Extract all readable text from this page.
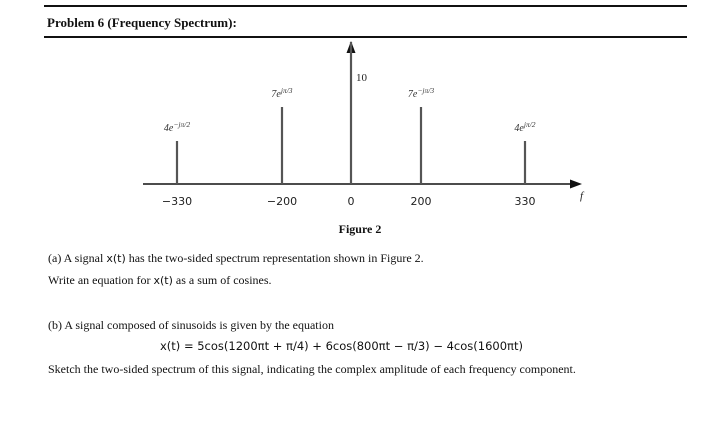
Problem 6 (Frequency Spectrum):
f
−330
$4e^{-j\pi/2}$
−200
$7e^{j\pi/3}$
0
10
200
$7e^{-j\pi/3}$
330
$4e^{j\pi/2}$
Figure 2
(a) A signal x(t) has the two-sided spectrum representation shown in Figure 2.
Write an equation for x(t) as a sum of cosines.
(b) A signal composed of sinusoids is given by the equation
x(t) = 5cos(1200πt + π/4) + 6cos(800πt − π/3) − 4cos(1600πt)
Sketch the two-sided spectrum of this signal, indicating the complex amplitude of each frequency component.
